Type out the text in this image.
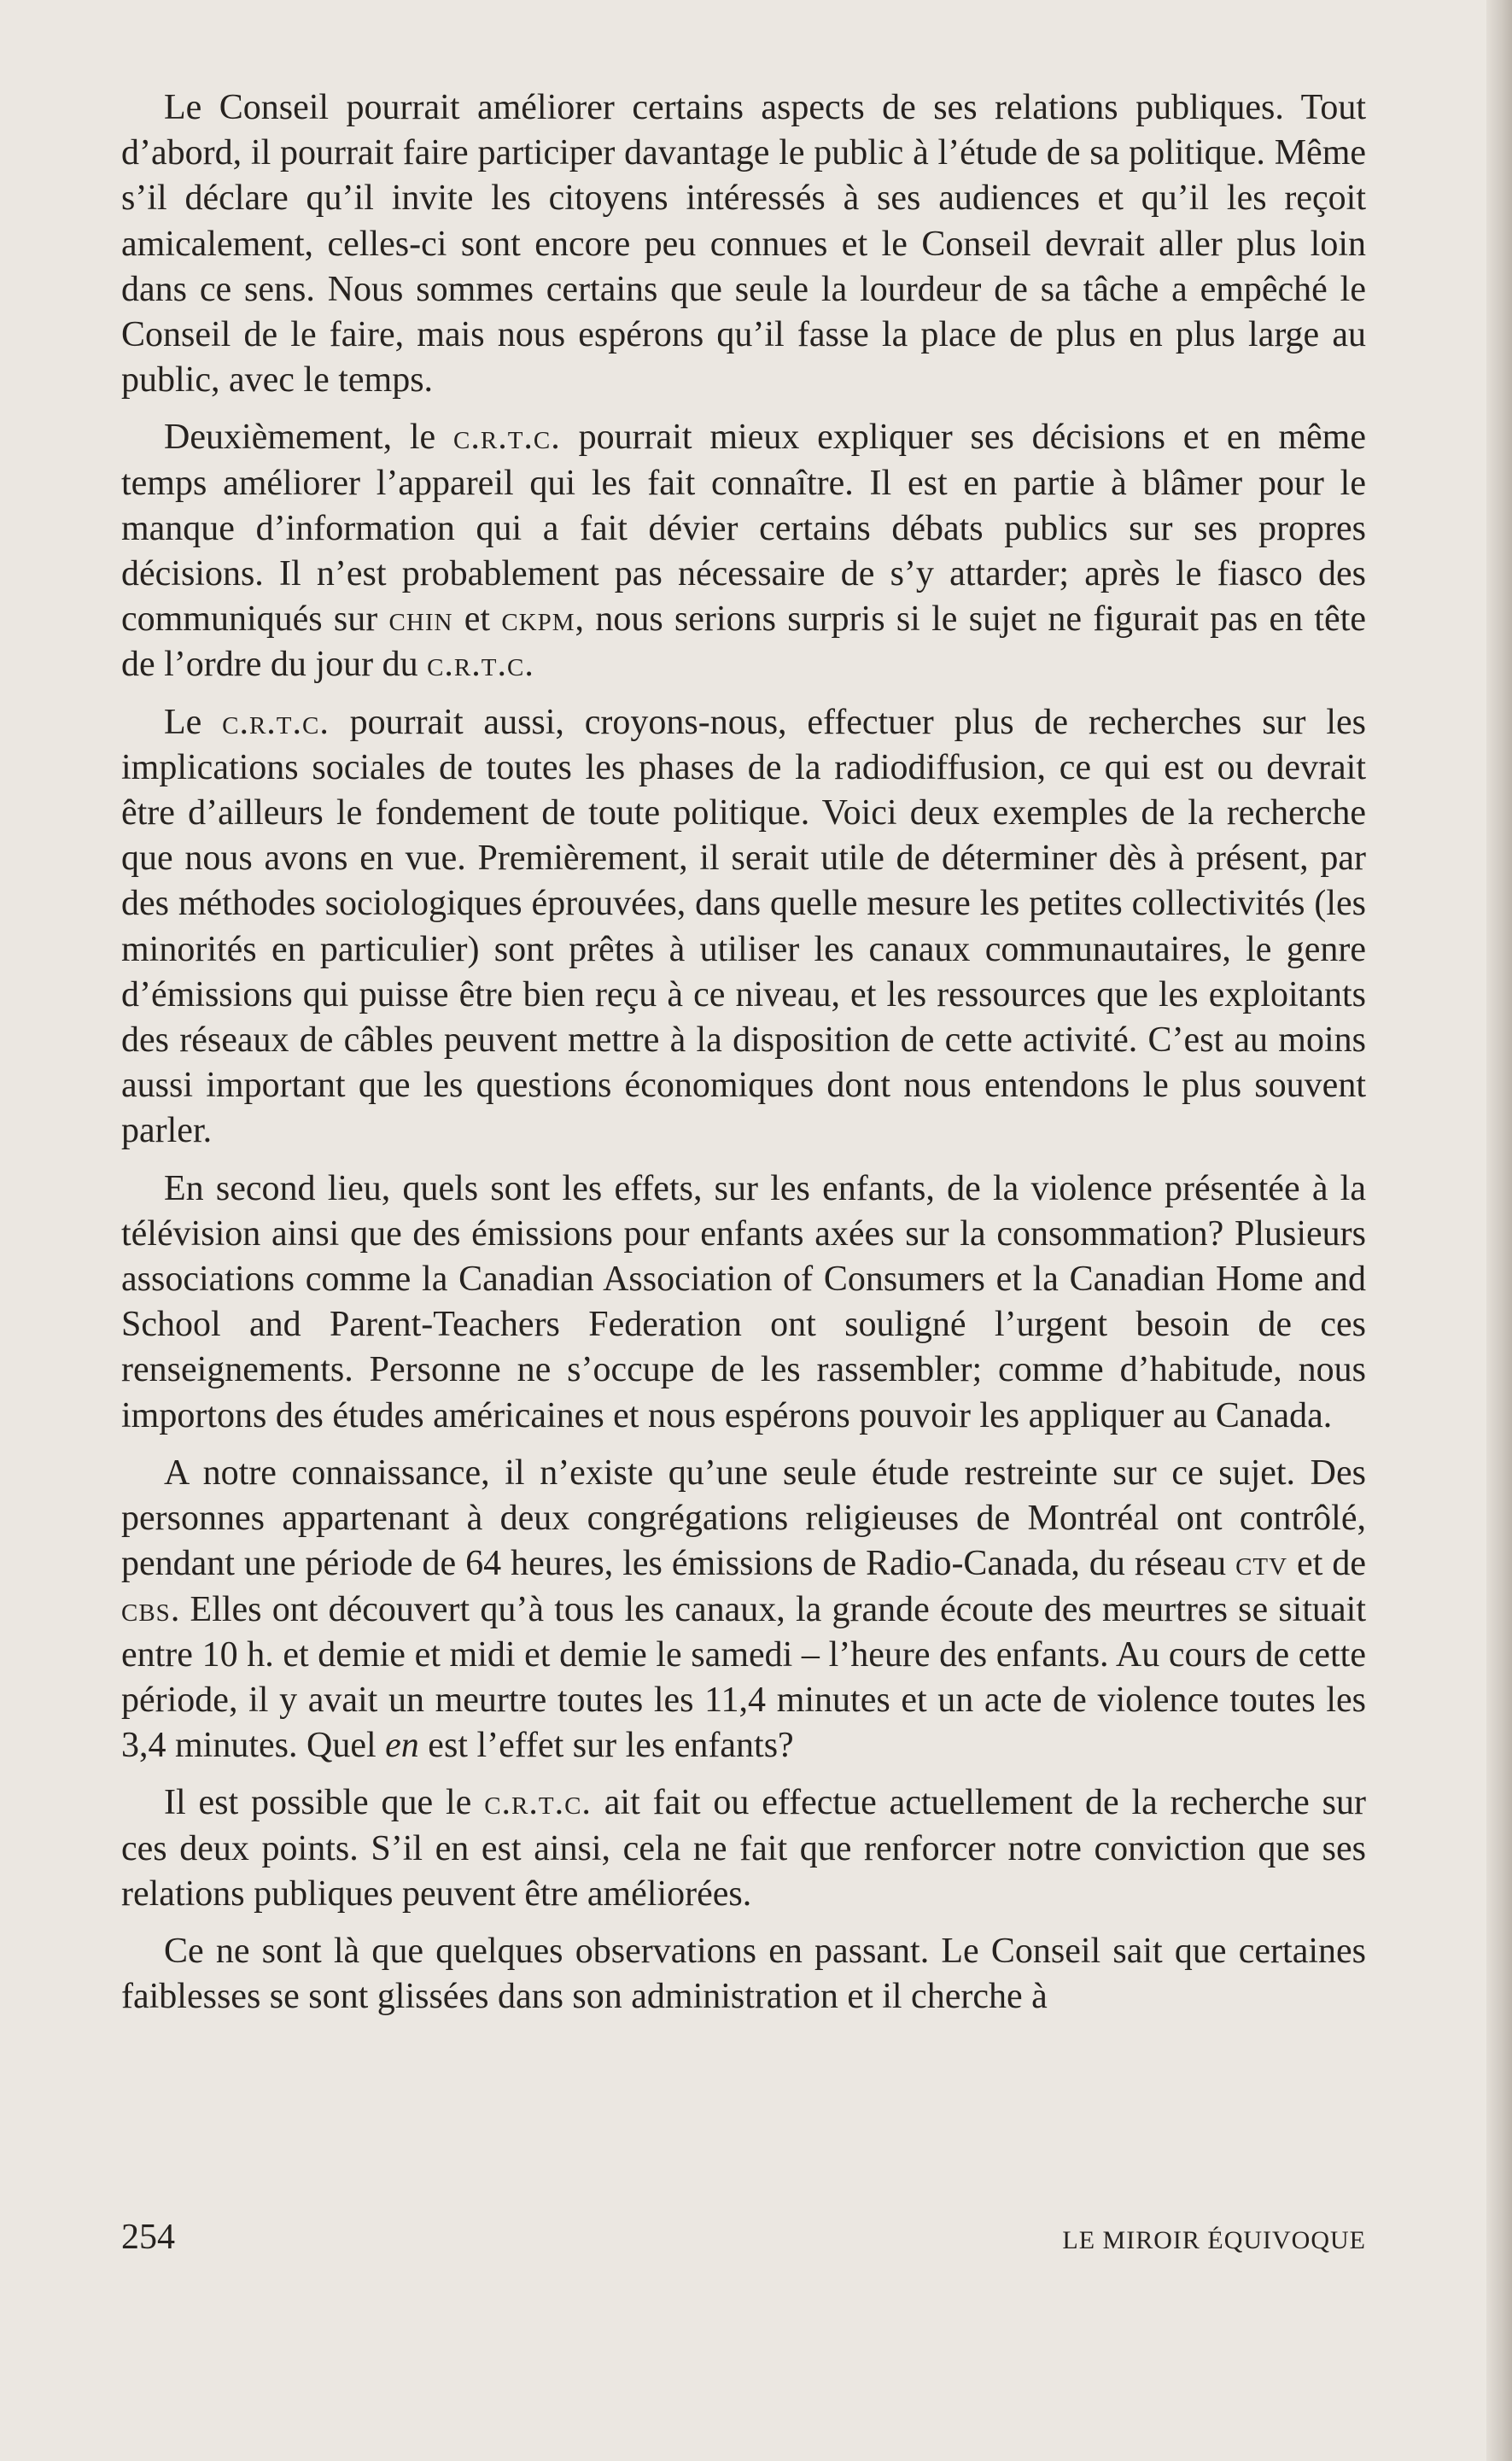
Le Conseil pourrait améliorer certains aspects de ses relations publiques. Tout d’abord, il pourrait faire participer davantage le public à l’étude de sa politique. Même s’il déclare qu’il invite les citoyens intéressés à ses audiences et qu’il les reçoit amicalement, celles-ci sont encore peu connues et le Conseil devrait aller plus loin dans ce sens. Nous sommes certains que seule la lourdeur de sa tâche a empêché le Conseil de le faire, mais nous espérons qu’il fasse la place de plus en plus large au public, avec le temps.

Deuxièmement, le c.r.t.c. pourrait mieux expliquer ses décisions et en même temps améliorer l’appareil qui les fait connaître. Il est en partie à blâmer pour le manque d’information qui a fait dévier certains débats publics sur ses propres décisions. Il n’est probablement pas nécessaire de s’y attarder; après le fiasco des communiqués sur chin et ckpm, nous serions surpris si le sujet ne figurait pas en tête de l’ordre du jour du c.r.t.c.

Le c.r.t.c. pourrait aussi, croyons-nous, effectuer plus de recherches sur les implications sociales de toutes les phases de la radiodiffusion, ce qui est ou devrait être d’ailleurs le fondement de toute politique. Voici deux exemples de la recherche que nous avons en vue. Premièrement, il serait utile de déterminer dès à présent, par des méthodes sociologiques éprouvées, dans quelle mesure les petites collectivités (les minorités en particulier) sont prêtes à utiliser les canaux communautaires, le genre d’émissions qui puisse être bien reçu à ce niveau, et les ressources que les exploitants des réseaux de câbles peuvent mettre à la disposition de cette activité. C’est au moins aussi important que les questions économiques dont nous entendons le plus souvent parler.

En second lieu, quels sont les effets, sur les enfants, de la violence présentée à la télévision ainsi que des émissions pour enfants axées sur la consommation? Plusieurs associations comme la Canadian Association of Consumers et la Canadian Home and School and Parent-Teachers Federation ont souligné l’urgent besoin de ces renseignements. Personne ne s’occupe de les rassembler; comme d’habitude, nous importons des études américaines et nous espérons pouvoir les appliquer au Canada.

A notre connaissance, il n’existe qu’une seule étude restreinte sur ce sujet. Des personnes appartenant à deux congrégations religieuses de Montréal ont contrôlé, pendant une période de 64 heures, les émissions de Radio-Canada, du réseau ctv et de cbs. Elles ont découvert qu’à tous les canaux, la grande écoute des meurtres se situait entre 10 h. et demie et midi et demie le samedi – l’heure des enfants. Au cours de cette période, il y avait un meurtre toutes les 11,4 minutes et un acte de violence toutes les 3,4 minutes. Quel en est l’effet sur les enfants?

Il est possible que le c.r.t.c. ait fait ou effectue actuellement de la recherche sur ces deux points. S’il en est ainsi, cela ne fait que renforcer notre conviction que ses relations publiques peuvent être améliorées.

Ce ne sont là que quelques observations en passant. Le Conseil sait que certaines faiblesses se sont glissées dans son administration et il cherche à

254	LE MIROIR ÉQUIVOQUE
